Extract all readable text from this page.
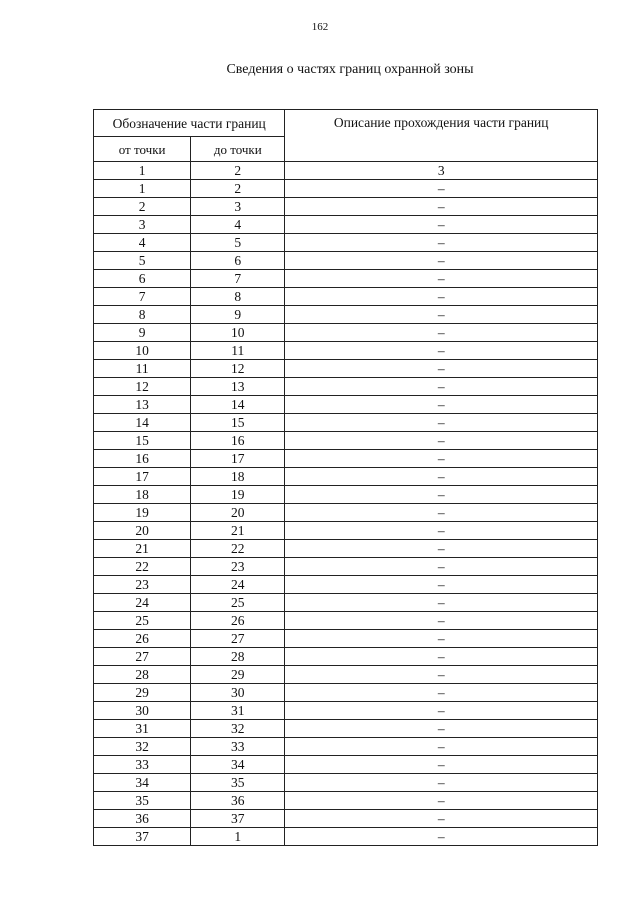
162
Сведения о частях границ охранной зоны
Обозначение части границ		Описание прохождения части границ
от точки	до точки	
1	2	3
1	2	–
2	3	–
3	4	–
4	5	–
5	6	–
6	7	–
7	8	–
8	9	–
9	10	–
10	11	–
11	12	–
12	13	–
13	14	–
14	15	–
15	16	–
16	17	–
17	18	–
18	19	–
19	20	–
20	21	–
21	22	–
22	23	–
23	24	–
24	25	–
25	26	–
26	27	–
27	28	–
28	29	–
29	30	–
30	31	–
31	32	–
32	33	–
33	34	–
34	35	–
35	36	–
36	37	–
37	1	–
